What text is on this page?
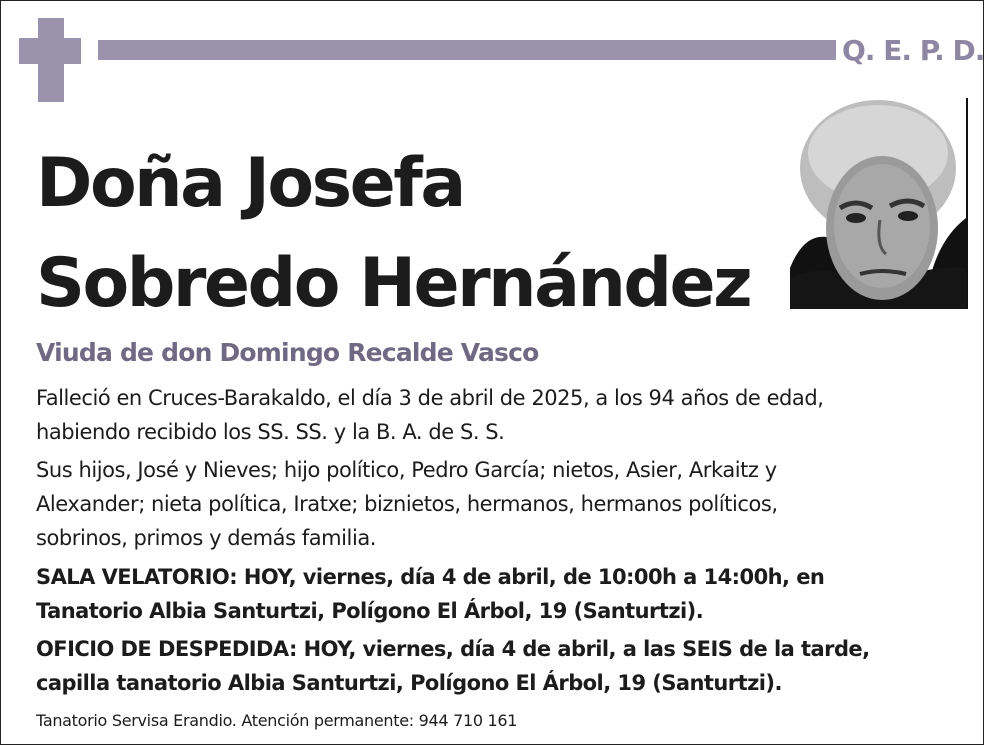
Q. E. P. D.
Doña Josefa
Sobredo Hernández
Viuda de don Domingo Recalde Vasco
Falleció en Cruces-Barakaldo, el día 3 de abril de 2025, a los 94 años de edad,
habiendo recibido los SS. SS. y la B. A. de S. S.
Sus hijos, José y Nieves; hijo político, Pedro García; nietos, Asier, Arkaitz y
Alexander; nieta política, Iratxe; biznietos, hermanos, hermanos políticos,
sobrinos, primos y demás familia.
SALA VELATORIO: HOY, viernes, día 4 de abril, de 10:00h a 14:00h, en
Tanatorio Albia Santurtzi, Polígono El Árbol, 19 (Santurtzi).
OFICIO DE DESPEDIDA: HOY, viernes, día 4 de abril, a las SEIS de la tarde,
capilla tanatorio Albia Santurtzi, Polígono El Árbol, 19 (Santurtzi).
Tanatorio Servisa Erandio. Atención permanente: 944 710 161
